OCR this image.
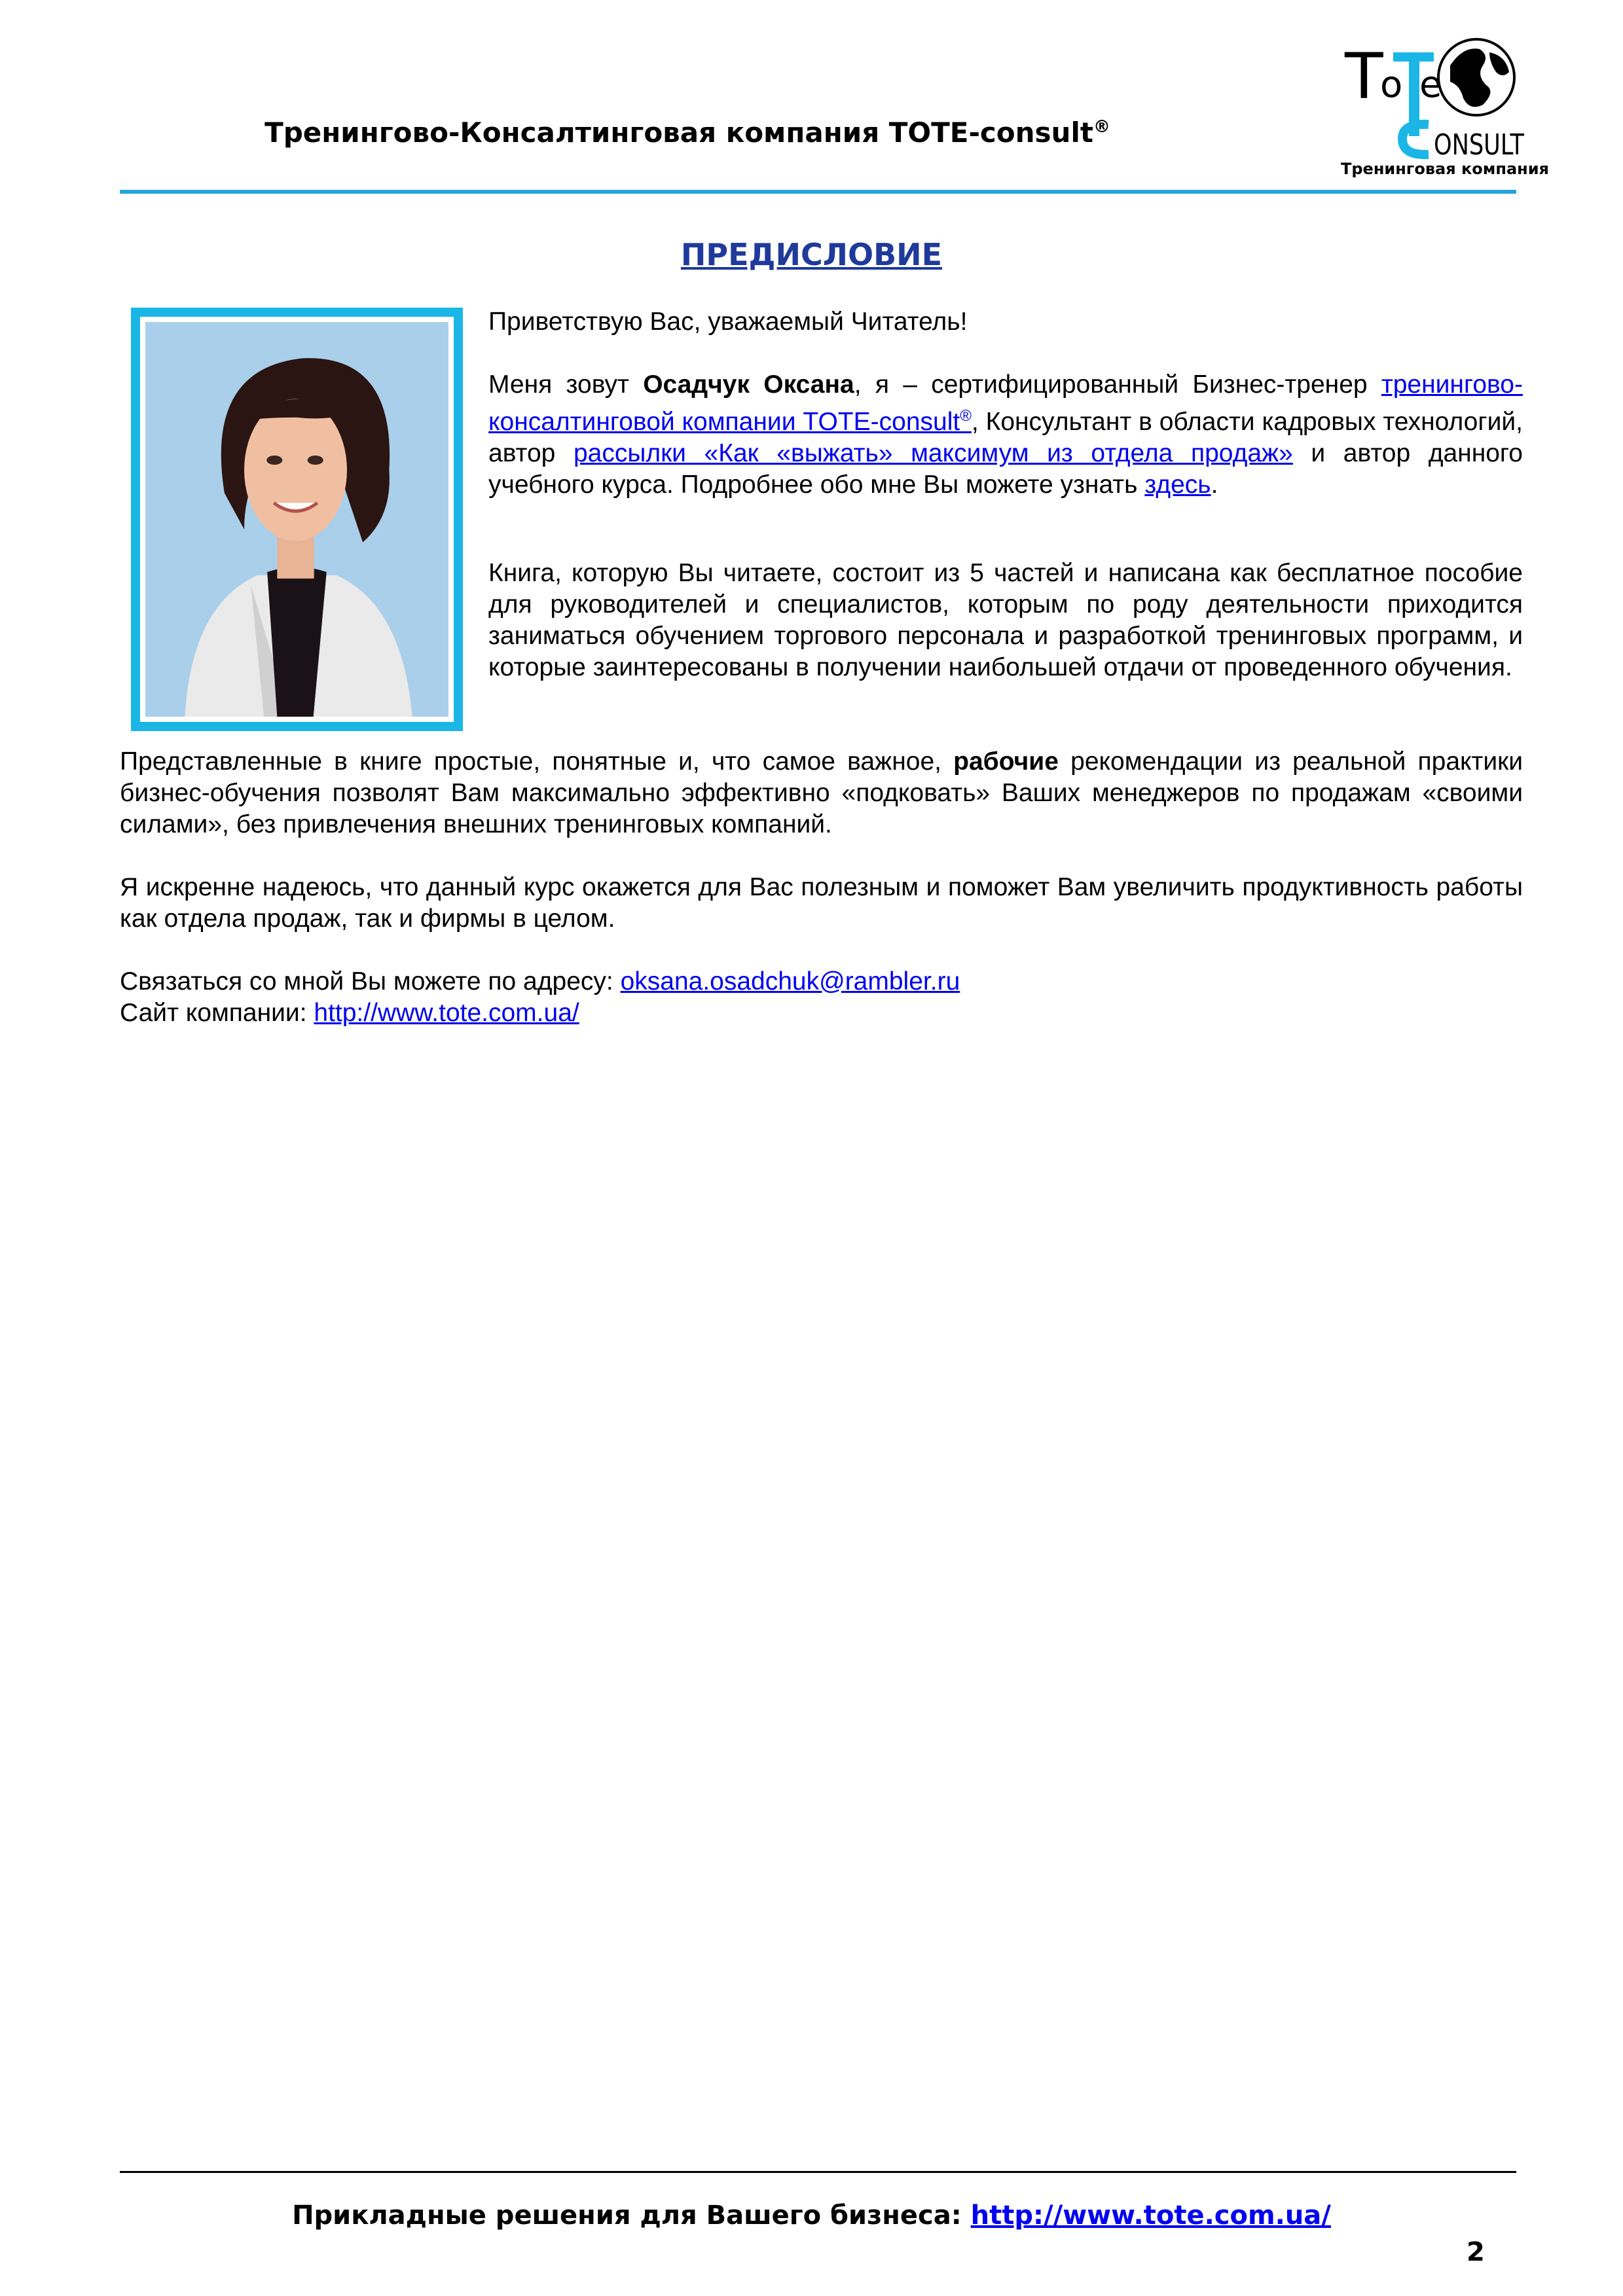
Тренингово-Консалтинговая компания TOTE-consult®
T
o e
ONSULT
Тренинговая компания
ПРЕДИСЛОВИЕ
Приветствую Вас, уважаемый Читатель!
Меня зовут Осадчук Оксана, я – сертифицированный Бизнес-тренер тренингово-консалтинговой компании TOTE-consult®, Консультант в области кадровых технологий, автор рассылки «Как «выжать» максимум из отдела продаж» и автор данного учебного курса. Подробнее обо мне Вы можете узнать здесь.
Книга, которую Вы читаете, состоит из 5 частей и написана как бесплатное пособие для руководителей и специалистов, которым по роду деятельности приходится заниматься обучением торгового персонала и разработкой тренинговых программ, и которые заинтересованы в получении наибольшей отдачи от проведенного обучения.
Представленные в книге простые, понятные и, что самое важное, рабочие рекомендации из реальной практики бизнес-обучения позволят Вам максимально эффективно «подковать» Ваших менеджеров по продажам «своими силами», без привлечения внешних тренинговых компаний.
Я искренне надеюсь, что данный курс окажется для Вас полезным и поможет Вам увеличить продуктивность работы как отдела продаж, так и фирмы в целом.
Связаться со мной Вы можете по адресу: oksana.osadchuk@rambler.ru
Сайт компании: http://www.tote.com.ua/
Прикладные решения для Вашего бизнеса: http://www.tote.com.ua/
2
